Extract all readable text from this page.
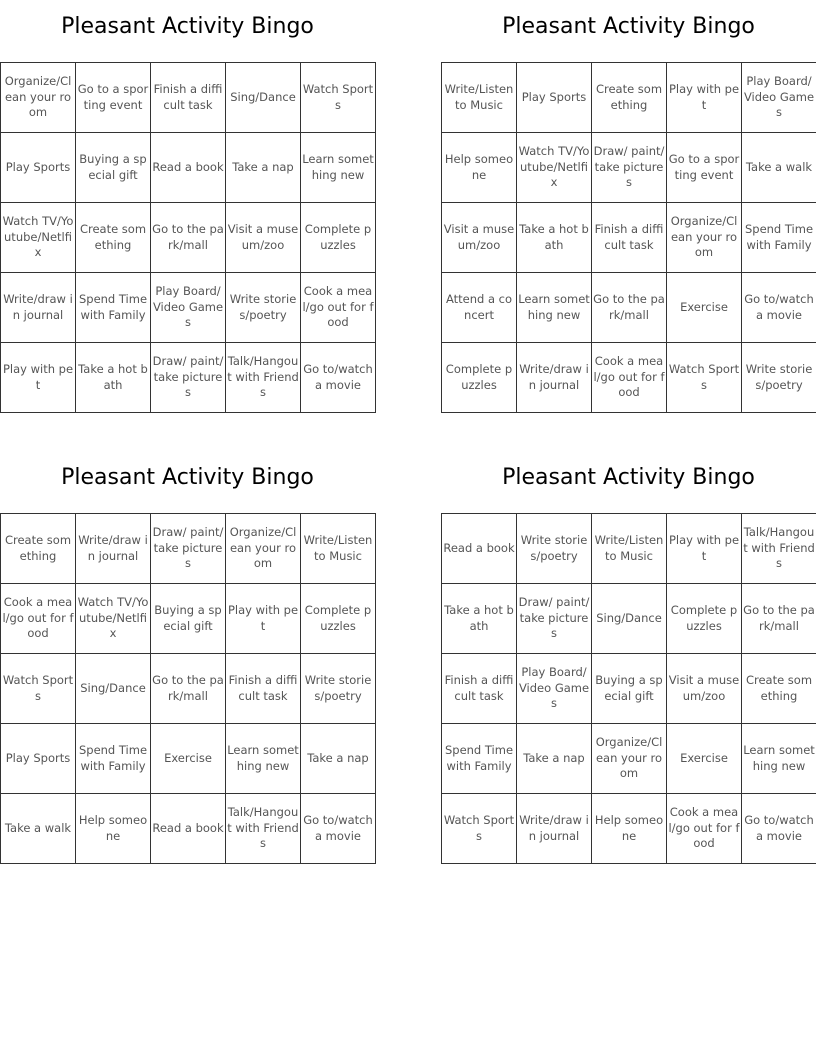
Pleasant Activity Bingo
Organize/Clean your room	Go to a sporting event	Finish a difficult task	Sing/Dance	Watch Sports

Play Sports	Buying a special gift	Read a book	Take a nap	Learn something new

Watch TV/Youtube/Netlfix	Create something	Go to the park/mall	Visit a museum/zoo	Complete puzzles

Write/draw in journal	Spend Time with Family	Play Board/Video Games	Write stories/poetry	Cook a meal/go out for food

Play with pet	Take a hot bath	Draw/ paint/ take pictures	Talk/Hangout with Friends	Go to/watch a movie
Pleasant Activity Bingo
Write/Listen to Music	Play Sports	Create something	Play with pet	Play Board/Video Games

Help someone	Watch TV/Youtube/Netlfix	Draw/ paint/ take pictures	Go to a sporting event	Take a walk

Visit a museum/zoo	Take a hot bath	Finish a difficult task	Organize/Clean your room	Spend Time with Family

Attend a concert	Learn something new	Go to the park/mall	Exercise	Go to/watch a movie

Complete puzzles	Write/draw in journal	Cook a meal/go out for food	Watch Sports	Write stories/poetry
Pleasant Activity Bingo
Create something	Write/draw in journal	Draw/ paint/ take pictures	Organize/Clean your room	Write/Listen to Music

Cook a meal/go out for food	Watch TV/Youtube/Netlfix	Buying a special gift	Play with pet	Complete puzzles

Watch Sports	Sing/Dance	Go to the park/mall	Finish a difficult task	Write stories/poetry

Play Sports	Spend Time with Family	Exercise	Learn something new	Take a nap

Take a walk	Help someone	Read a book	Talk/Hangout with Friends	Go to/watch a movie
Pleasant Activity Bingo
Read a book	Write stories/poetry	Write/Listen to Music	Play with pet	Talk/Hangout with Friends

Take a hot bath	Draw/ paint/ take pictures	Sing/Dance	Complete puzzles	Go to the park/mall

Finish a difficult task	Play Board/Video Games	Buying a special gift	Visit a museum/zoo	Create something

Spend Time with Family	Take a nap	Organize/Clean your room	Exercise	Learn something new

Watch Sports	Write/draw in journal	Help someone	Cook a meal/go out for food	Go to/watch a movie
